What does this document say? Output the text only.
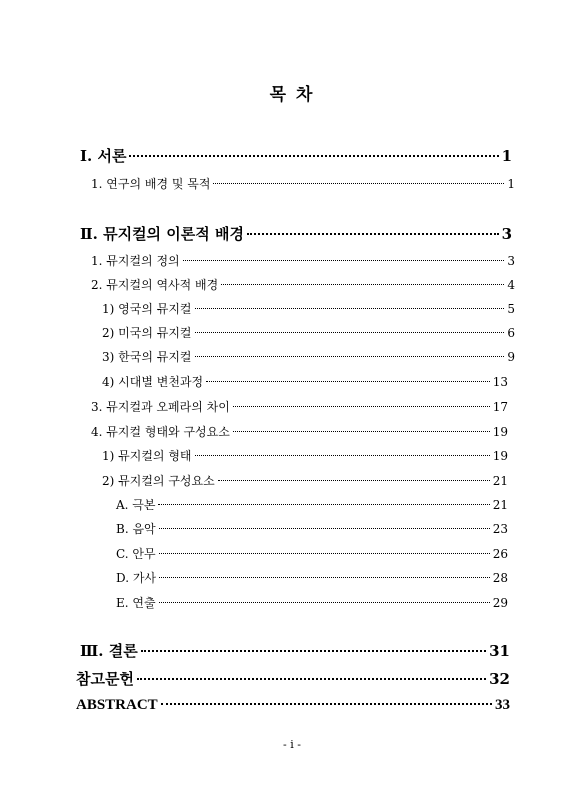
목 차
Ⅰ. 서론	1
1. 연구의 배경 및 목적	1
Ⅱ. 뮤지컬의 이론적 배경	3
1. 뮤지컬의 정의	3
2. 뮤지컬의 역사적 배경	4
1) 영국의 뮤지컬	5
2) 미국의 뮤지컬	6
3) 한국의 뮤지컬	9
4) 시대별 변천과정	13
3. 뮤지컬과 오페라의 차이	17
4. 뮤지컬 형태와 구성요소	19
1) 뮤지컬의 형태	19
2) 뮤지컬의 구성요소	21
A. 극본	21
B. 음악	23
C. 안무	26
D. 가사	28
E. 연출	29
Ⅲ. 결론	31
참고문헌	32
ABSTRACT	33
- i -
